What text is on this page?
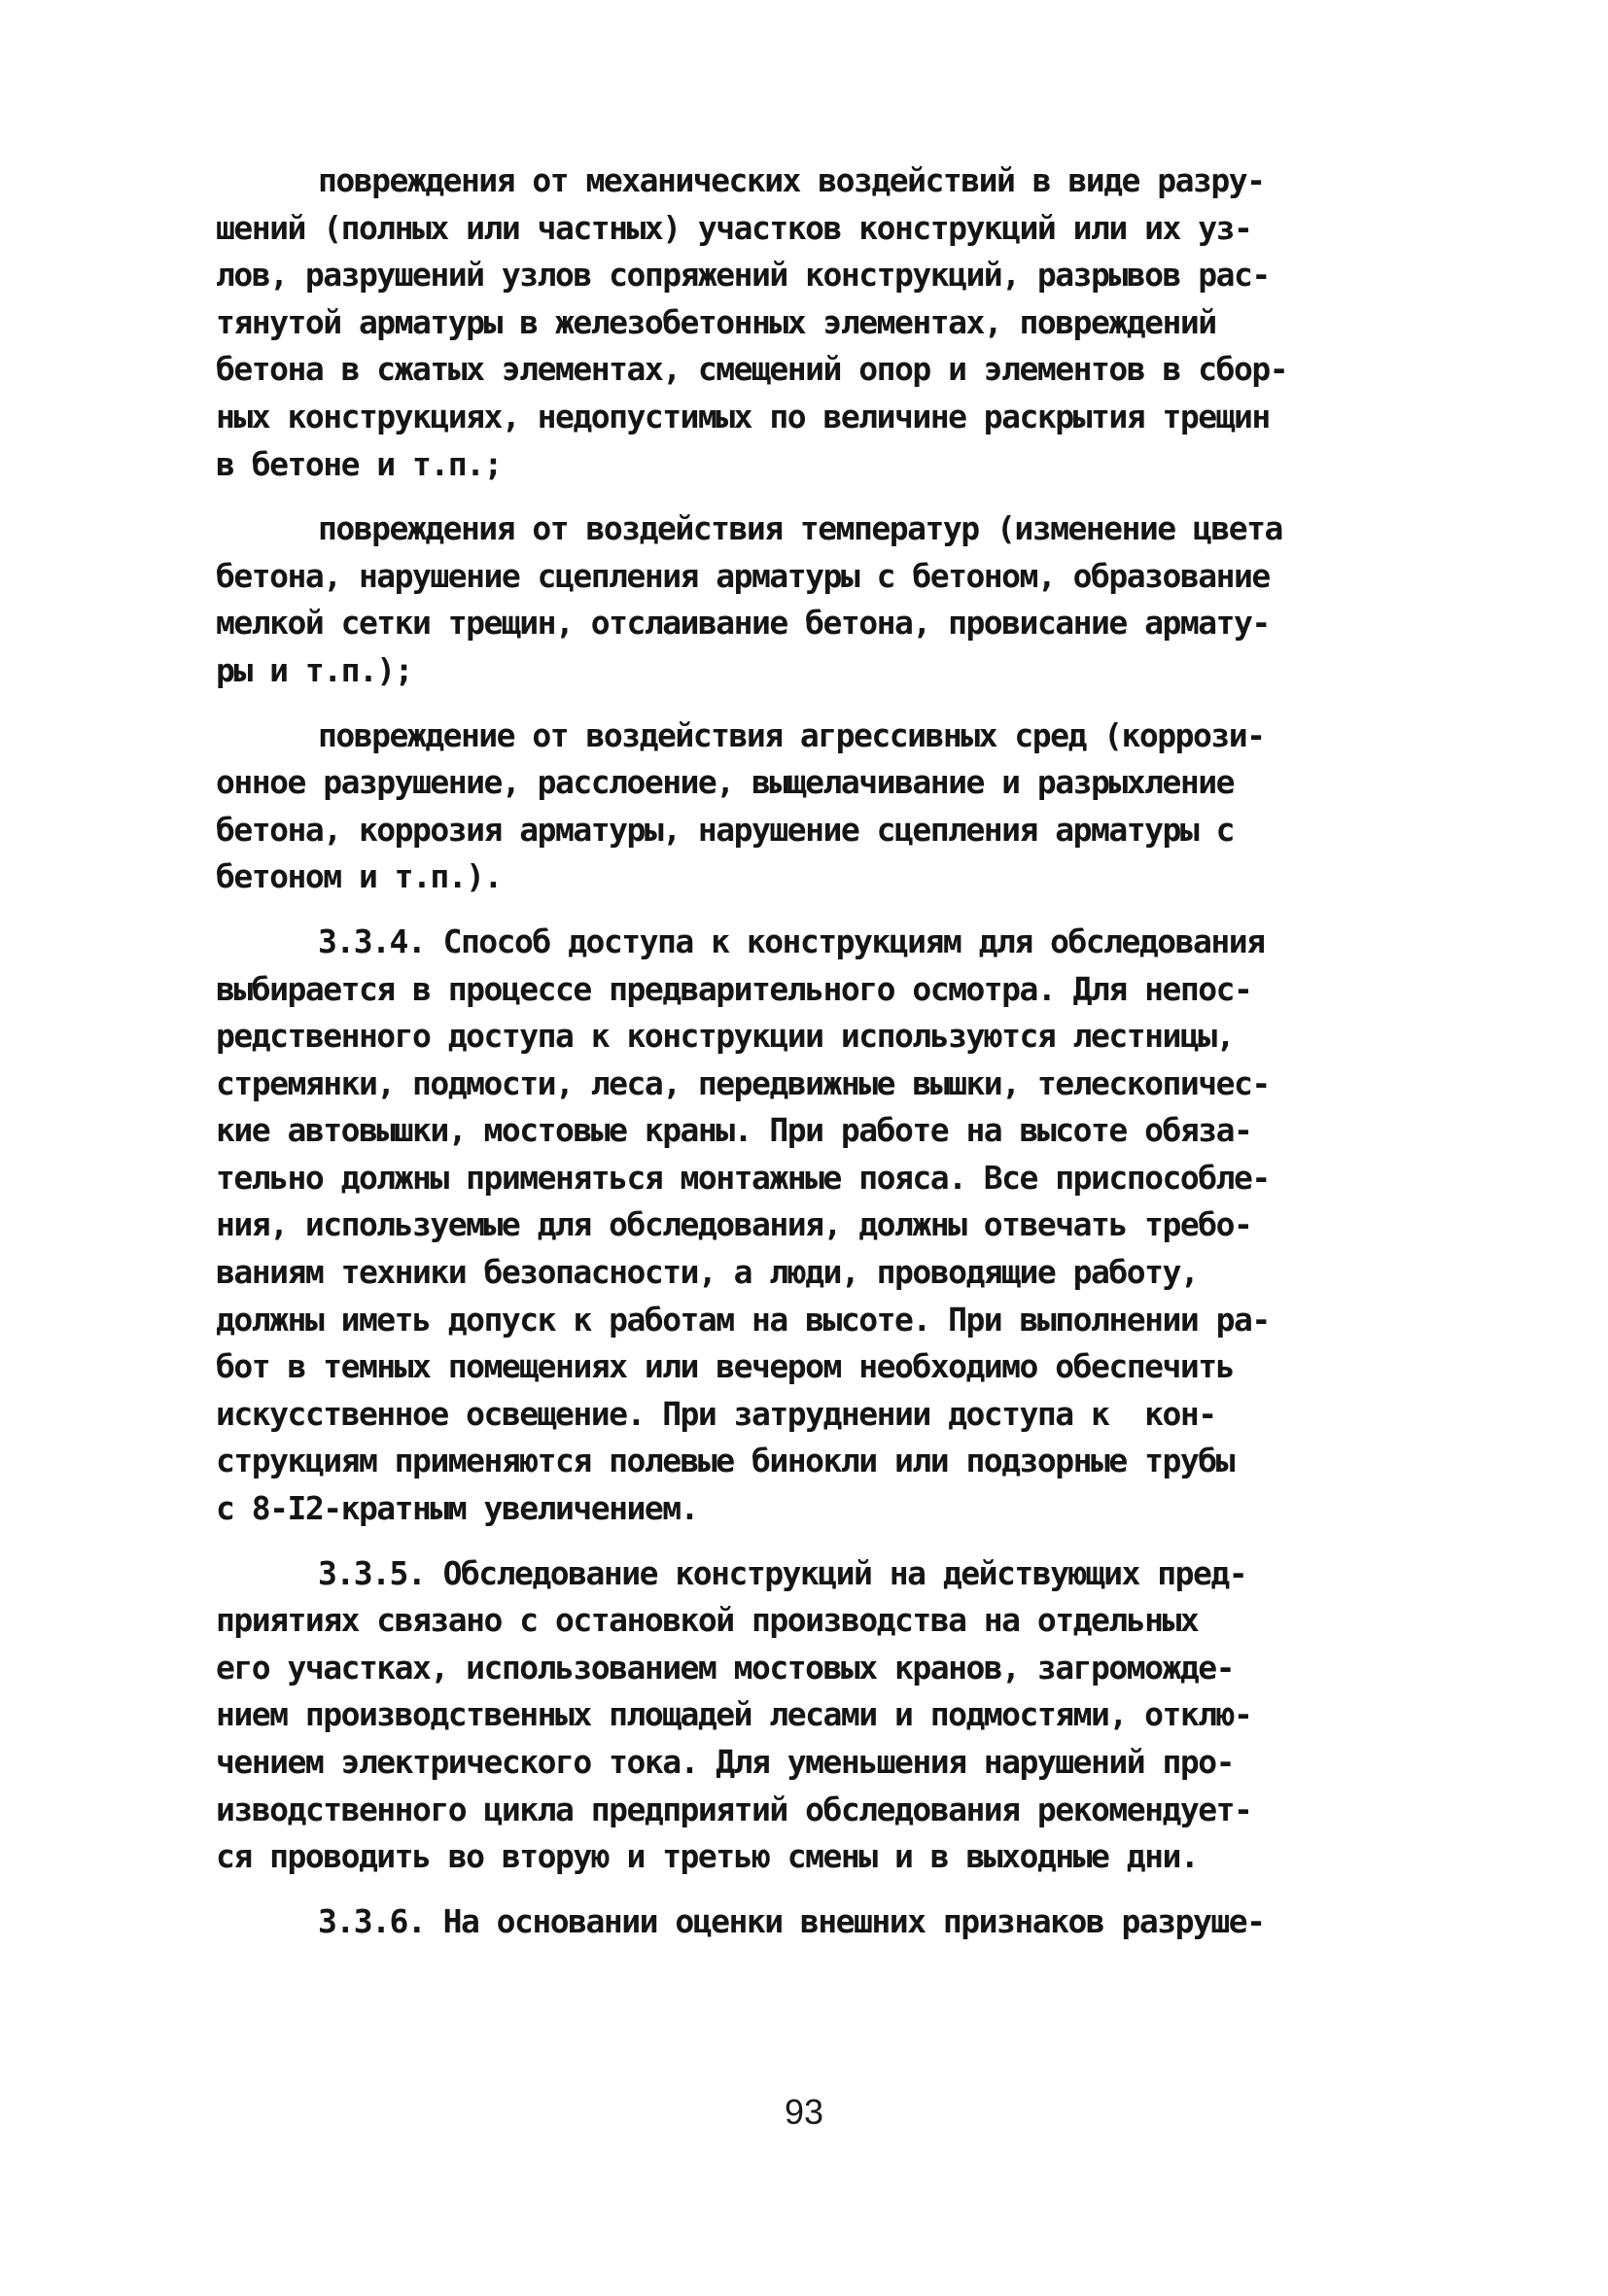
повреждения от механических воздействий в виде разру-
шений (полных или частных) участков конструкций или их уз-
лов, разрушений узлов сопряжений конструкций, разрывов рас-
тянутой арматуры в железобетонных элементах, повреждений
бетона в сжатых элементах, смещений опор и элементов в сбор-
ных конструкциях, недопустимых по величине раскрытия трещин
в бетоне и т.п.;
повреждения от воздействия температур (изменение цвета
бетона, нарушение сцепления арматуры с бетоном, образование
мелкой сетки трещин, отслаивание бетона, провисание армату-
ры и т.п.);
повреждение от воздействия агрессивных сред (коррози-
онное разрушение, расслоение, выщелачивание и разрыхление
бетона, коррозия арматуры, нарушение сцепления арматуры с
бетоном и т.п.).
3.3.4. Способ доступа к конструкциям для обследования
выбирается в процессе предварительного осмотра. Для непос-
редственного доступа к конструкции используются лестницы,
стремянки, подмости, леса, передвижные вышки, телескопичес-
кие автовышки, мостовые краны. При работе на высоте обяза-
тельно должны применяться монтажные пояса. Все приспособле-
ния, используемые для обследования, должны отвечать требо-
ваниям техники безопасности, а люди, проводящие работу,
должны иметь допуск к работам на высоте. При выполнении ра-
бот в темных помещениях или вечером необходимо обеспечить
искусственное освещение. При затруднении доступа к  кон-
струкциям применяются полевые бинокли или подзорные трубы
с 8-I2-кратным увеличением.
3.3.5. Обследование конструкций на действующих пред-
приятиях связано с остановкой производства на отдельных
его участках, использованием мостовых кранов, загроможде-
нием производственных площадей лесами и подмостями, отклю-
чением электрического тока. Для уменьшения нарушений про-
изводственного цикла предприятий обследования рекомендует-
ся проводить во вторую и третью смены и в выходные дни.
3.3.6. На основании оценки внешних признаков разруше-
93
